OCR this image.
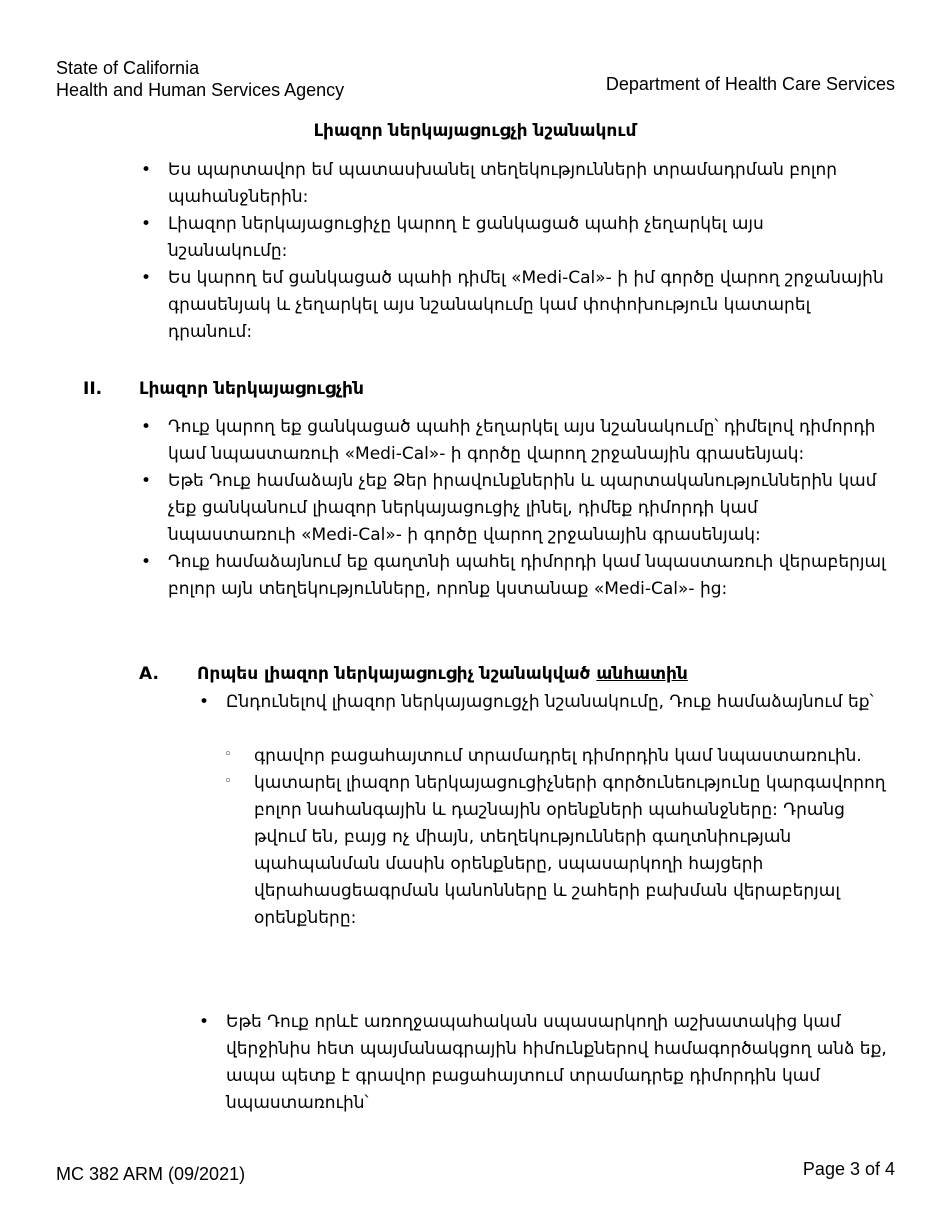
State of California
Health and Human Services Agency	Department of Health Care Services
Լիազոր ներկայացուցչի նշանակում
• Ես պարտավոր եմ պատասխանել տեղեկությունների տրամադրման բոլոր պահանջներին:
• Լիազոր ներկայացուցիչը կարող է ցանկացած պահի չեղարկել այս նշանակումը:
• Ես կարող եմ ցանկացած պահի դիմել «Medi-Cal»- ի իմ գործը վարող շրջանային գրասենյակ և չեղարկել այս նշանակումը կամ փոփոխություն կատարել դրանում:
II. Լիազոր ներկայացուցչին
• Դուք կարող եք ցանկացած պահի չեղարկել այս նշանակումը՝ դիմելով դիմորդի կամ նպաստառուի «Medi-Cal»- ի գործը վարող շրջանային գրասենյակ:
• Եթե Դուք համաձայն չեք Ձեր իրավունքներին և պարտականություններին կամ չեք ցանկանում լիազոր ներկայացուցիչ լինել, դիմեք դիմորդի կամ նպաստառուի «Medi-Cal»- ի գործը վարող շրջանային գրասենյակ:
• Դուք համաձայնում եք գաղտնի պահել դիմորդի կամ նպաստառուի վերաբերյալ բոլոր այն տեղեկությունները, որոնք կստանաք «Medi-Cal»- ից:
A. Որպես լիազոր ներկայացուցիչ նշանակված անհատին
• Ընդունելով լիազոր ներկայացուցչի նշանակումը, Դուք համաձայնում եք՝
◦ գրավոր բացահայտում տրամադրել դիմորդին կամ նպաստառուին.
◦ կատարել լիազոր ներկայացուցիչների գործունեությունը կարգավորող բոլոր նահանգային և դաշնային օրենքների պահանջները: Դրանց թվում են, բայց ոչ միայն, տեղեկությունների գաղտնիության պահպանման մասին օրենքները, սպասարկողի հայցերի վերահասցեագրման կանոնները և շահերի բախման վերաբերյալ օրենքները:
• Եթե Դուք որևէ առողջապահական սպասարկողի աշխատակից կամ վերջինիս հետ պայմանագրային հիմունքներով համագործակցող անձ եք, ապա պետք է գրավոր բացահայտում տրամադրեք դիմորդին կամ նպաստառուին՝
MC 382 ARM (09/2021)	Page 3 of 4
